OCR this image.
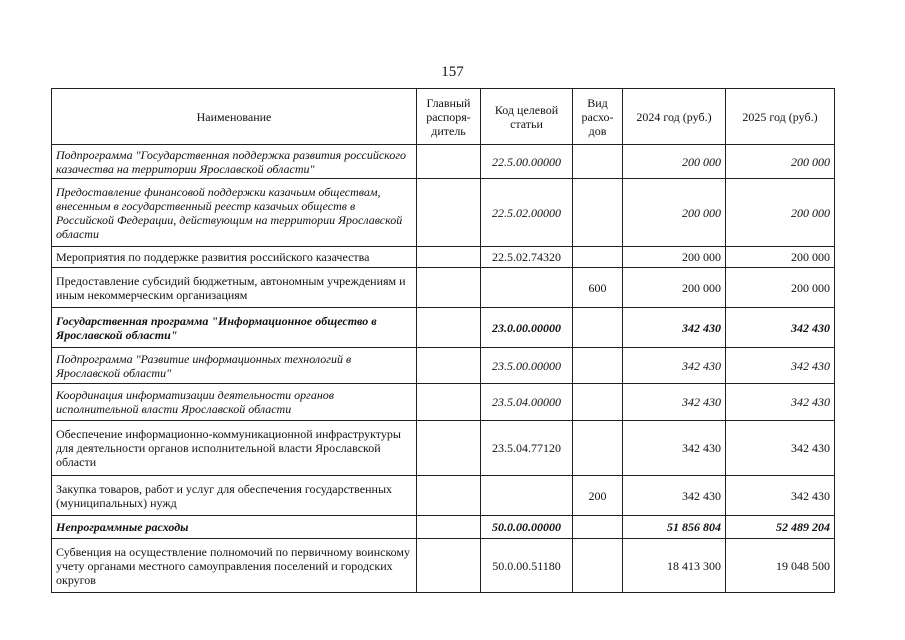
157
Наименование	Главный распоря-дитель	Код целевой статьи	Вид расхо-дов	2024 год (руб.)	2025 год (руб.)
Подпрограмма "Государственная поддержка развития российского казачества на территории Ярославской области"		22.5.00.00000		200 000	200 000
Предоставление финансовой поддержки казачьим обществам, внесенным в государственный реестр казачьих обществ в Российской Федерации, действующим на территории Ярославской области		22.5.02.00000		200 000	200 000
Мероприятия по поддержке развития российского казачества		22.5.02.74320		200 000	200 000
Предоставление субсидий бюджетным, автономным учреждениям и иным некоммерческим организациям			600	200 000	200 000
Государственная программа "Информационное общество в Ярославской области"		23.0.00.00000		342 430	342 430
Подпрограмма "Развитие информационных технологий в Ярославской области"		23.5.00.00000		342 430	342 430
Координация информатизации деятельности органов исполнительной власти Ярославской области		23.5.04.00000		342 430	342 430
Обеспечение информационно-коммуникационной инфраструктуры для деятельности органов исполнительной власти Ярославской области		23.5.04.77120		342 430	342 430
Закупка товаров, работ и услуг для обеспечения государственных (муниципальных) нужд			200	342 430	342 430
Непрограммные расходы		50.0.00.00000		51 856 804	52 489 204
Субвенция на осуществление полномочий по первичному воинскому учету органами местного самоуправления поселений и городских округов		50.0.00.51180		18 413 300	19 048 500
